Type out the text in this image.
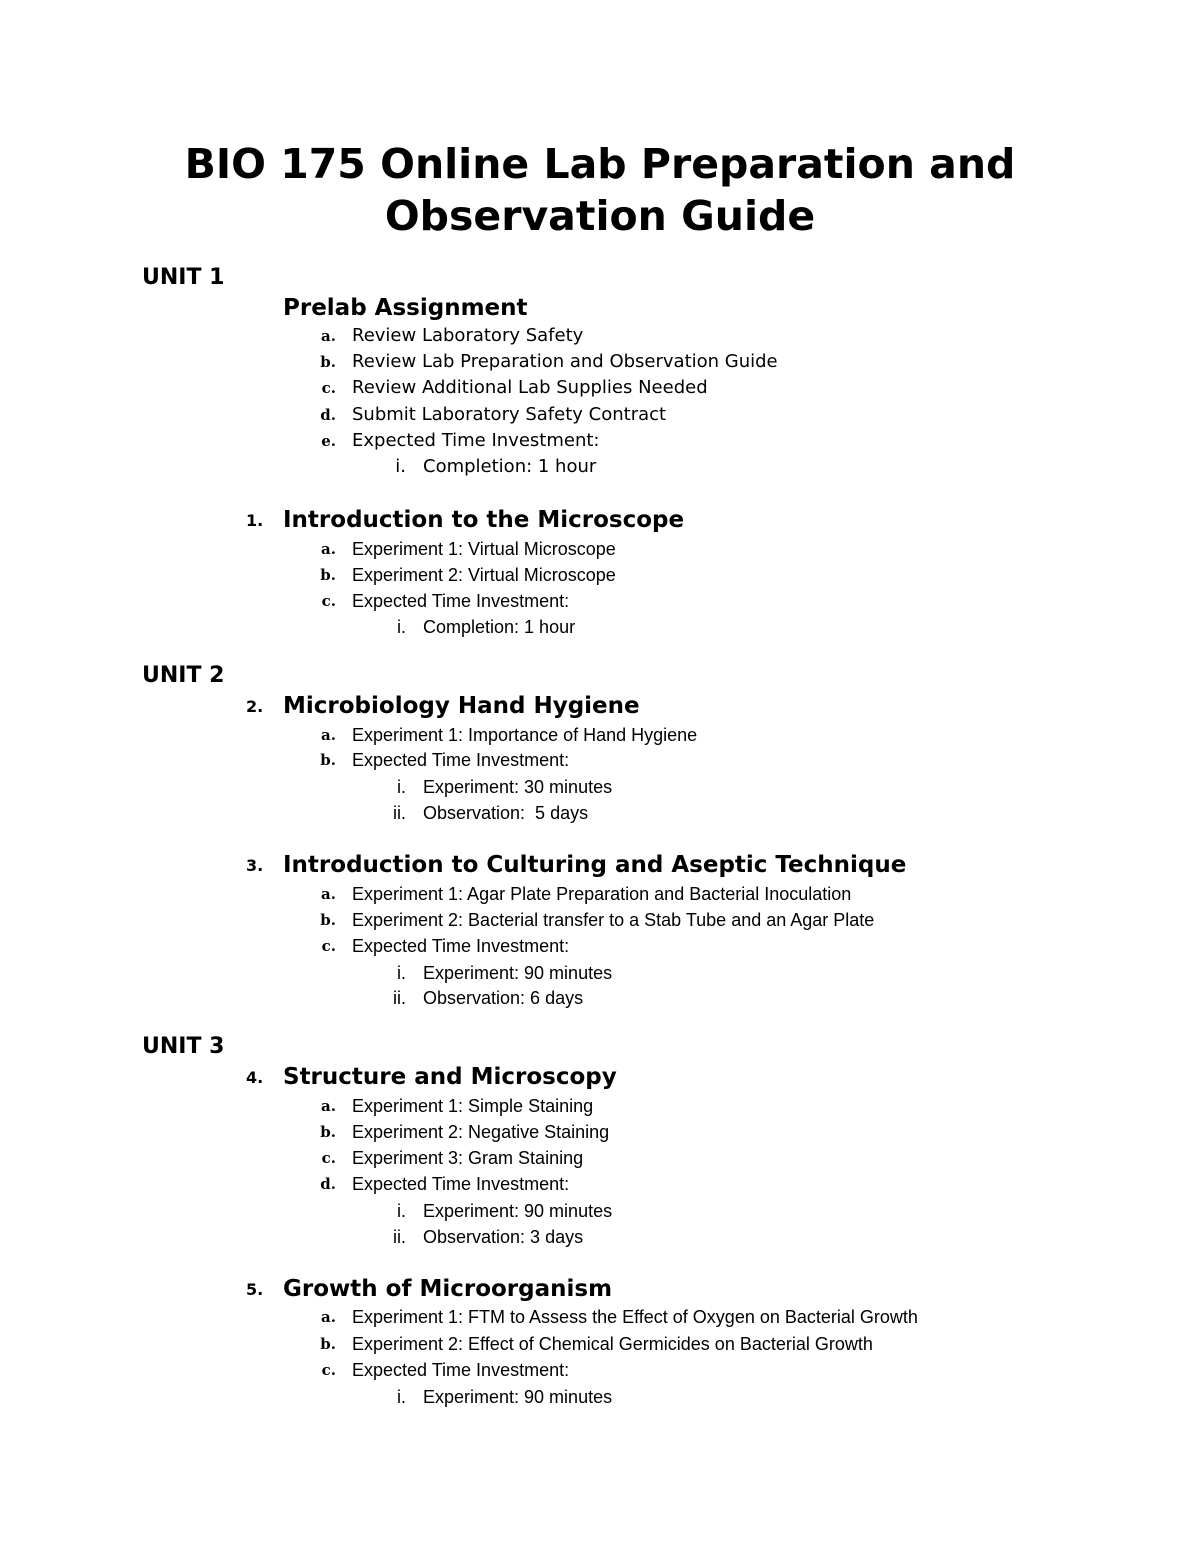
BIO 175 Online Lab Preparation and
Observation Guide
UNIT 1
Prelab Assignment
a. Review Laboratory Safety
b. Review Lab Preparation and Observation Guide
c. Review Additional Lab Supplies Needed
d. Submit Laboratory Safety Contract
e. Expected Time Investment:
i. Completion: 1 hour
1. Introduction to the Microscope
a. Experiment 1: Virtual Microscope
b. Experiment 2: Virtual Microscope
c. Expected Time Investment:
i. Completion: 1 hour
UNIT 2
2. Microbiology Hand Hygiene
a. Experiment 1: Importance of Hand Hygiene
b. Expected Time Investment:
i. Experiment: 30 minutes
ii. Observation:  5 days
3. Introduction to Culturing and Aseptic Technique
a. Experiment 1: Agar Plate Preparation and Bacterial Inoculation
b. Experiment 2: Bacterial transfer to a Stab Tube and an Agar Plate
c. Expected Time Investment:
i. Experiment: 90 minutes
ii. Observation: 6 days
UNIT 3
4. Structure and Microscopy
a. Experiment 1: Simple Staining
b. Experiment 2: Negative Staining
c. Experiment 3: Gram Staining
d. Expected Time Investment:
i. Experiment: 90 minutes
ii. Observation: 3 days
5. Growth of Microorganism
a. Experiment 1: FTM to Assess the Effect of Oxygen on Bacterial Growth
b. Experiment 2: Effect of Chemical Germicides on Bacterial Growth
c. Expected Time Investment:
i. Experiment: 90 minutes
